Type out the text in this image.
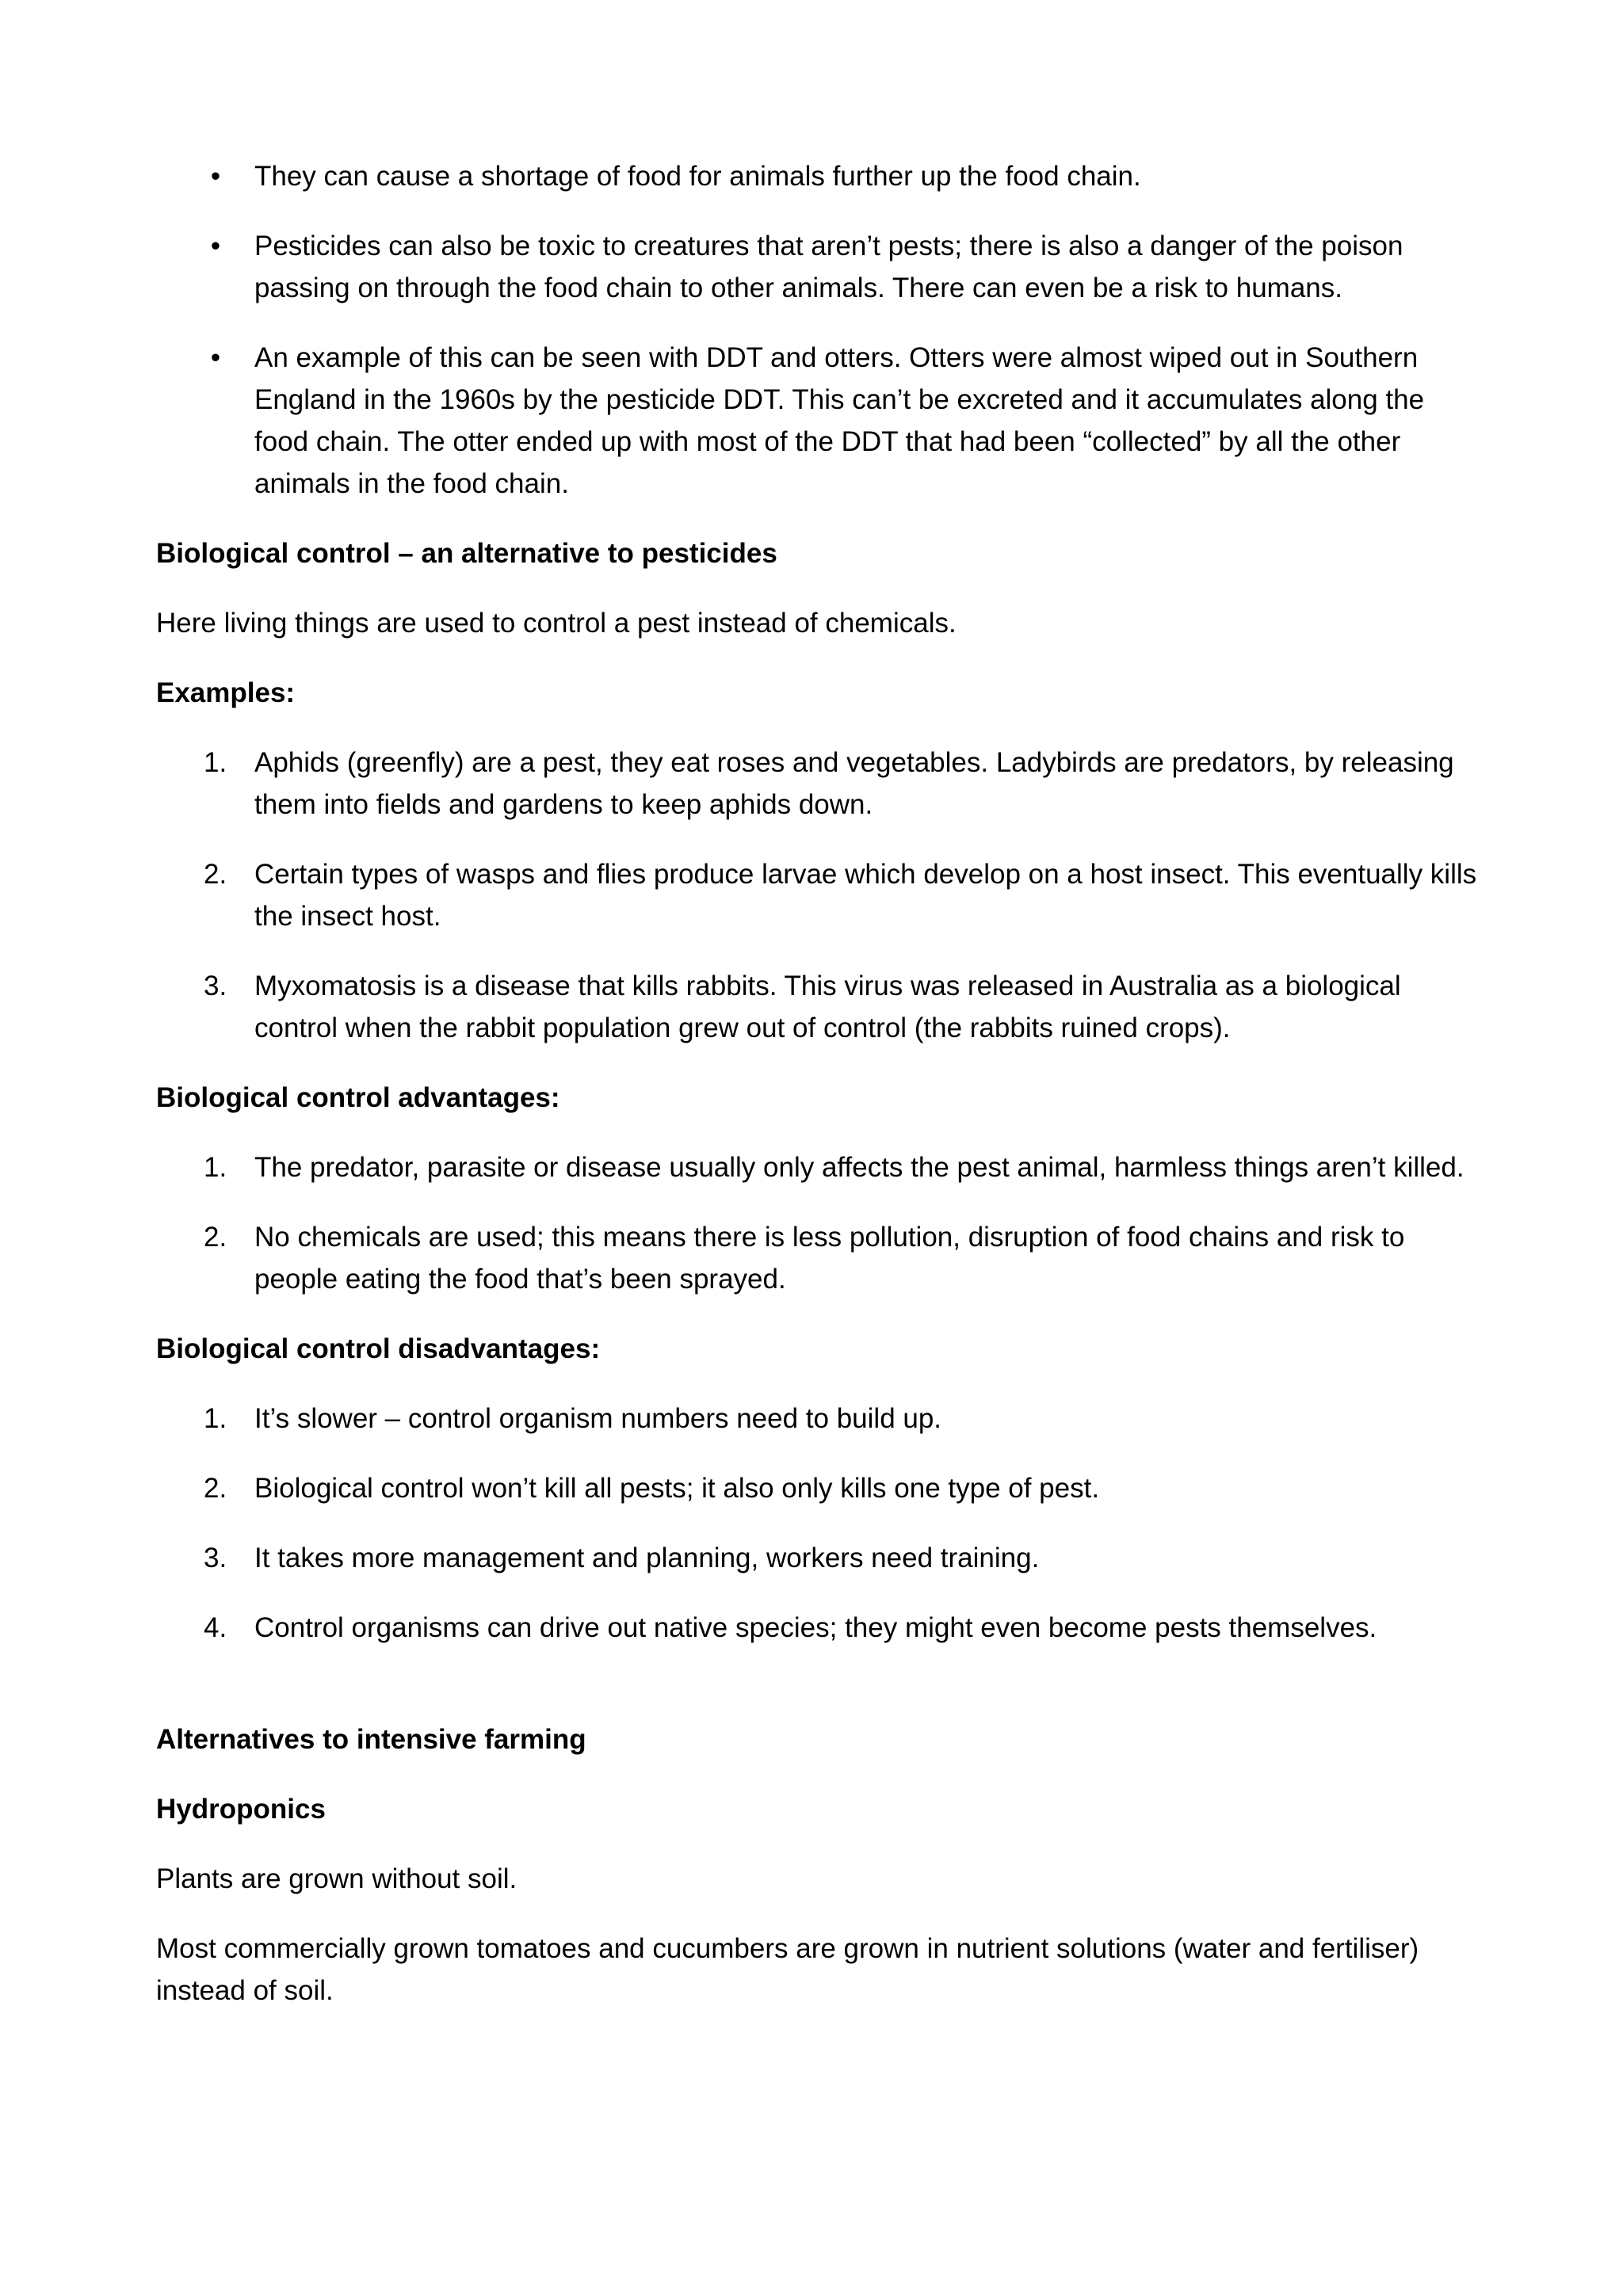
• They can cause a shortage of food for animals further up the food chain.
• Pesticides can also be toxic to creatures that aren’t pests; there is also a danger of the poison passing on through the food chain to other animals. There can even be a risk to humans.
• An example of this can be seen with DDT and otters. Otters were almost wiped out in Southern England in the 1960s by the pesticide DDT. This can’t be excreted and it accumulates along the food chain. The otter ended up with most of the DDT that had been “collected” by all the other animals in the food chain.

Biological control – an alternative to pesticides

Here living things are used to control a pest instead of chemicals.

Examples:

1. Aphids (greenfly) are a pest, they eat roses and vegetables. Ladybirds are predators, by releasing them into fields and gardens to keep aphids down.
2. Certain types of wasps and flies produce larvae which develop on a host insect. This eventually kills the insect host.
3. Myxomatosis is a disease that kills rabbits. This virus was released in Australia as a biological control when the rabbit population grew out of control (the rabbits ruined crops).

Biological control advantages:

1. The predator, parasite or disease usually only affects the pest animal, harmless things aren’t killed.
2. No chemicals are used; this means there is less pollution, disruption of food chains and risk to people eating the food that’s been sprayed.

Biological control disadvantages:

1. It’s slower – control organism numbers need to build up.
2. Biological control won’t kill all pests; it also only kills one type of pest.
3. It takes more management and planning, workers need training.
4. Control organisms can drive out native species; they might even become pests themselves.

Alternatives to intensive farming

Hydroponics

Plants are grown without soil.

Most commercially grown tomatoes and cucumbers are grown in nutrient solutions (water and fertiliser) instead of soil.
